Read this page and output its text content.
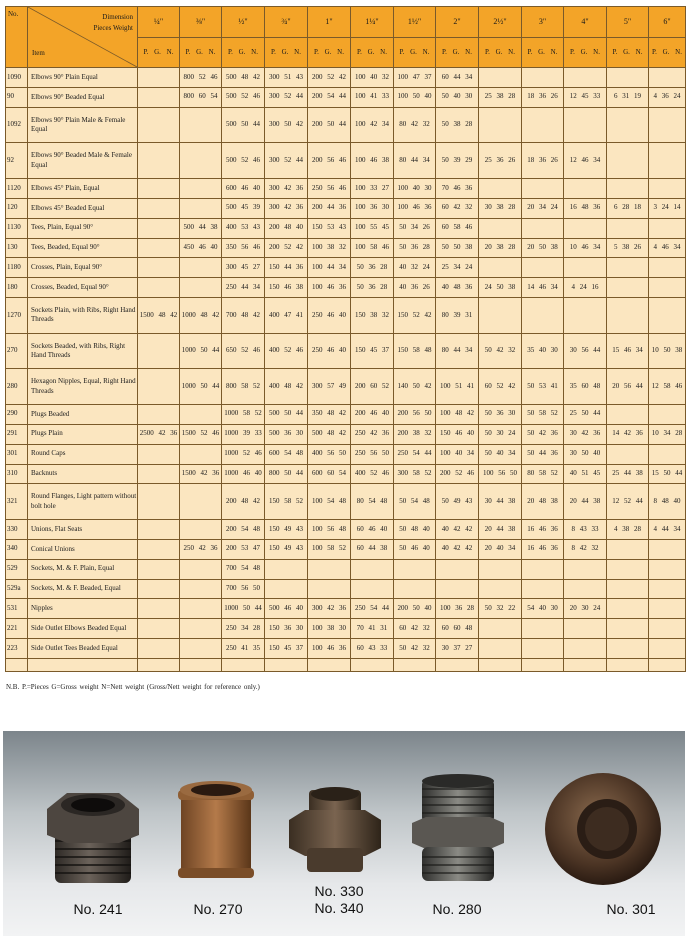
No.	Dimension
Pieces Weight
Item	¼"	⅜"	½"	¾"	1"	1¼"	1½"	2"	2½"	3"	4"	5"	6"
		P. G. N.	P. G. N.	P. G. N.	P. G. N.	P. G. N.	P. G. N.	P. G. N.	P. G. N.	P. G. N.	P. G. N.	P. G. N.	P. G. N.	P. G. N.
1090	Elbows 90° Plain Equal		800 52 46	500 48 42	300 51 43	200 52 42	100 40 32	100 47 37	60 44 34					
90	Elbows 90° Beaded Equal		800 60 54	500 52 46	300 52 44	200 54 44	100 41 33	100 50 40	50 40 30	25 38 28	18 36 26	12 45 33	6 31 19	4 36 24
1092	Elbows 90° Plain Male & Female Equal			500 50 44	300 50 42	200 50 44	100 42 34	80 42 32	50 38 28					
92	Elbows 90° Beaded Male & Female Equal			500 52 46	300 52 44	200 56 46	100 46 38	80 44 34	50 39 29	25 36 26	18 36 26	12 46 34		
1120	Elbows 45° Plain, Equal			600 46 40	300 42 36	250 56 46	100 33 27	100 40 30	70 46 36					
120	Elbows 45° Beaded Equal			500 45 39	300 42 36	200 44 36	100 36 30	100 46 36	60 42 32	30 38 28	20 34 24	16 48 36	6 28 18	3 24 14
1130	Tees, Plain, Equal 90°		500 44 38	400 53 43	200 48 40	150 53 43	100 55 45	50 34 26	60 58 46					
130	Tees, Beaded, Equal 90°		450 46 40	350 56 46	200 52 42	100 38 32	100 58 46	50 36 28	50 50 38	20 38 28	20 50 38	10 46 34	5 38 26	4 46 34
1180	Crosses, Plain, Equal 90°			300 45 27	150 44 36	100 44 34	50 36 28	40 32 24	25 34 24					
180	Crosses, Beaded, Equal 90°			250 44 34	150 46 38	100 46 36	50 36 28	40 36 26	40 48 36	24 50 38	14 46 34	4 24 16		
1270	Sockets Plain, with Ribs, Right Hand Threads	1500 48 42	1000 48 42	700 48 42	400 47 41	250 46 40	150 38 32	150 52 42	80 39 31					
270	Sockets Beaded, with Ribs, Right Hand Threads		1000 50 44	650 52 46	400 52 46	250 46 40	150 45 37	150 58 48	80 44 34	50 42 32	35 40 30	30 56 44	15 46 34	10 50 38
280	Hexagon Nipples, Equal, Right Hand Threads		1000 50 44	800 58 52	400 48 42	300 57 49	200 60 52	140 50 42	100 51 41	60 52 42	50 53 41	35 60 48	20 56 44	12 58 46
290	Plugs Beaded			1000 58 52	500 50 44	350 48 42	200 46 40	200 56 50	100 48 42	50 36 30	50 58 52	25 50 44		
291	Plugs Plain	2500 42 36	1500 52 46	1000 39 33	500 36 30	500 48 42	250 42 36	200 38 32	150 46 40	50 30 24	50 42 36	30 42 36	14 42 36	10 34 28
301	Round Caps			1000 52 46	600 54 48	400 56 50	250 56 50	250 54 44	100 40 34	50 40 34	50 44 36	30 50 40		
310	Backnuts		1500 42 36	1000 46 40	800 50 44	600 60 54	400 52 46	300 58 52	200 52 46	100 56 50	80 58 52	40 51 45	25 44 38	15 50 44
321	Round Flanges, Light pattern without bolt hole			200 48 42	150 58 52	100 54 48	80 54 48	50 54 48	50 49 43	30 44 38	20 48 38	20 44 38	12 52 44	8 48 40
330	Unions, Flat Seats			200 54 48	150 49 43	100 56 48	60 46 40	50 48 40	40 42 42	20 44 38	16 46 36	8 43 33	4 38 28	4 44 34
340	Conical Unions		250 42 36	200 53 47	150 49 43	100 58 52	60 44 38	50 46 40	40 42 42	20 40 34	16 46 36	8 42 32		
529	Sockets, M. & F. Plain, Equal			700 54 48										
529a	Sockets, M. & F. Beaded, Equal			700 56 50										
531	Nipples			1000 50 44	500 46 40	300 42 36	250 54 44	200 50 40	100 36 28	50 32 22	54 40 30	20 30 24		
221	Side Outlet Elbows Beaded Equal			250 34 28	150 36 30	100 38 30	70 41 31	60 42 32	60 60 48					
223	Side Outlet Tees Beaded Equal			250 41 35	150 45 37	100 46 36	60 43 33	50 42 32	30 37 27					

N.B. P.=Pieces G=Gross weight N=Nett weight (Gross/Nett weight for reference only.)
No. 241	No. 270
No. 330
No. 340	No. 280	No. 301
